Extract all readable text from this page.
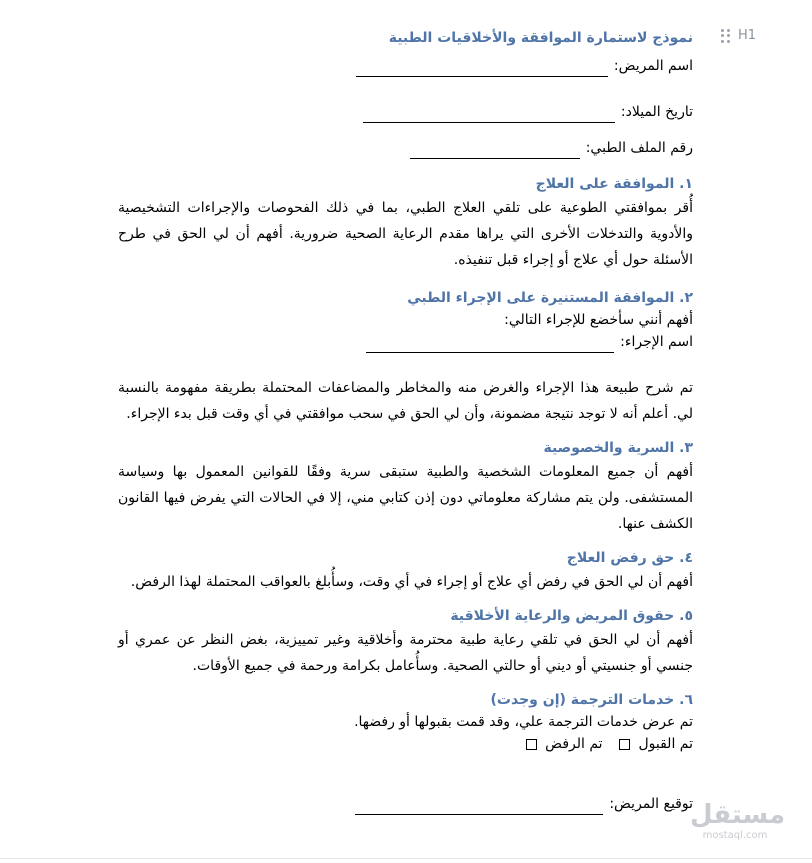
H1
نموذج لاستمارة الموافقة والأخلاقيات الطبية
اسم المريض:
تاريخ الميلاد:
رقم الملف الطبي:
١. الموافقة على العلاج
أُقر بموافقتي الطوعية على تلقي العلاج الطبي، بما في ذلك الفحوصات والإجراءات التشخيصية والأدوية والتدخلات الأخرى التي يراها مقدم الرعاية الصحية ضرورية. أفهم أن لي الحق في طرح الأسئلة حول أي علاج أو إجراء قبل تنفيذه.
٢. الموافقة المستنيرة على الإجراء الطبي
أفهم أنني سأخضع للإجراء التالي:
اسم الإجراء:
تم شرح طبيعة هذا الإجراء والغرض منه والمخاطر والمضاعفات المحتملة بطريقة مفهومة بالنسبة لي. أعلم أنه لا توجد نتيجة مضمونة، وأن لي الحق في سحب موافقتي في أي وقت قبل بدء الإجراء.
٣. السرية والخصوصية
أفهم أن جميع المعلومات الشخصية والطبية ستبقى سرية وفقًا للقوانين المعمول بها وسياسة المستشفى. ولن يتم مشاركة معلوماتي دون إذن كتابي مني، إلا في الحالات التي يفرض فيها القانون الكشف عنها.
٤. حق رفض العلاج
أفهم أن لي الحق في رفض أي علاج أو إجراء في أي وقت، وسأُبلغ بالعواقب المحتملة لهذا الرفض.
٥. حقوق المريض والرعاية الأخلاقية
أفهم أن لي الحق في تلقي رعاية طبية محترمة وأخلاقية وغير تمييزية، بغض النظر عن عمري أو جنسي أو جنسيتي أو ديني أو حالتي الصحية. وسأُعامل بكرامة ورحمة في جميع الأوقات.
٦. خدمات الترجمة (إن وجدت)
تم عرض خدمات الترجمة علي، وقد قمت بقبولها أو رفضها.
تم القبول  تم الرفض
توقيع المريض:
مستقل
mostaql.com
